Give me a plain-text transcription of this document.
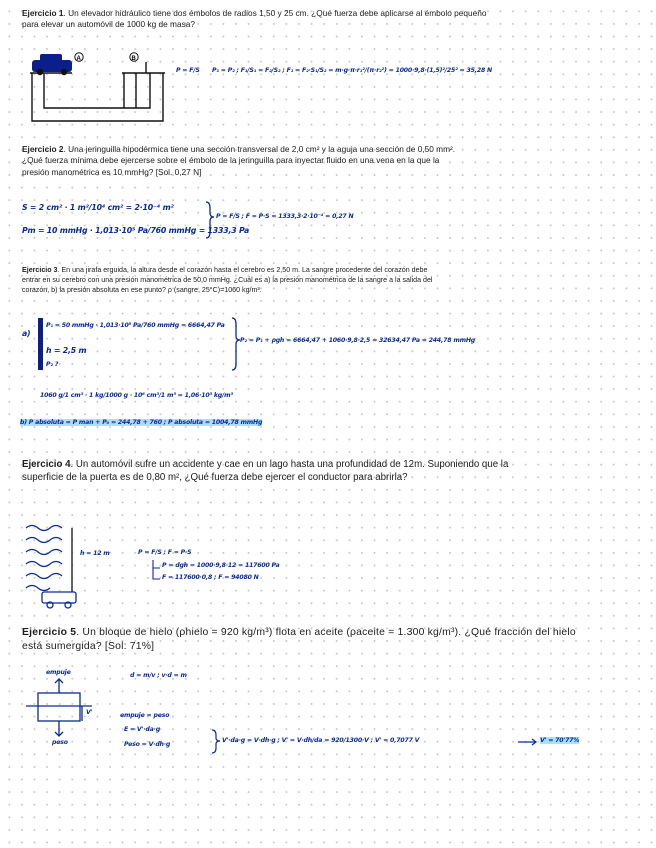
Ejercicio 1. Un elevador hidráulico tiene dos émbolos de radios 1,50 y 25 cm. ¿Qué fuerza debe aplicarse al émbolo pequeño para elevar un automóvil de 1000 kg de masa?

A	B

P = F/S P₁ = P₂ ; F₁/S₁ = F₂/S₂ ; F₁ = F₂·S₁/S₂ = m·g·π·r₁²/(π·r₂²) = 1000·9,8·(1,5)²/25² = 35,28 N

Ejercicio 2. Una jeringuilla hipodérmica tiene una sección transversal de 2,0 cm² y la aguja una sección de 0,50 mm². ¿Qué fuerza mínima debe ejercerse sobre el émbolo de la jeringuilla para inyectar fluido en una vena en la que la presión manométrica es 10 mmHg? [Sol. 0,27 N]

S = 2 cm² · 1 m²/10⁴ cm² = 2·10⁻⁴ m²

Pm = 10 mmHg · 1,013·10⁵ Pa/760 mmHg = 1333,3 Pa

P = F/S ; F = P·S = 1333,3·2·10⁻⁴ = 0,27 N

Ejercicio 3. En una jirafa erguida, la altura desde el corazón hasta el cerebro es 2,50 m. La sangre procedente del corazón debe entrar en su cerebro con una presión manométrica de 50,0 mmHg. ¿Cuál es a) la presión manométrica de la sangre a la salida del corazón, b) la presión absoluta en ese punto? ρ (sangre, 25°C)=1060 kg/m³.

a)

P₁ = 50 mmHg · 1,013·10⁵ Pa/760 mmHg = 6664,47 Pa

h = 2,5 m

P₂ ?

P₂ = P₁ + ρgh = 6664,47 + 1060·9,8·2,5 = 32634,47 Pa = 244,78 mmHg

1060 g/1 cm³ · 1 kg/1000 g · 10⁶ cm³/1 m³ = 1,06·10³ kg/m³

b) P absoluta = P man + P₀ = 244,78 + 760 ; P absoluta = 1004,78 mmHg

Ejercicio 4. Un automóvil sufre un accidente y cae en un lago hasta una profundidad de 12m. Suponiendo que la superficie de la puerta es de 0,80 m², ¿Qué fuerza debe ejercer el conductor para abrirla?

h = 12 m	P = F/S ; F = P·S

P = dgh = 1000·9,8·12 = 117600 Pa

F = 117600·0,8 ; F = 94080 N

Ejercicio 5. Un bloque de hielo (ρhielo = 920 kg/m³) flota en aceite (ρaceite = 1.300 kg/m³). ¿Qué fracción del hielo está sumergida? [Sol: 71%]

empuje

peso

V'

d = m/v ; v·d = m

empuje = peso

E = V'·da·g

Peso = V·dh·g

V'·da·g = V·dh·g ; V' = V·dh/da = 920/1300·V ; V' = 0,7077 V	V' = 70'77%
